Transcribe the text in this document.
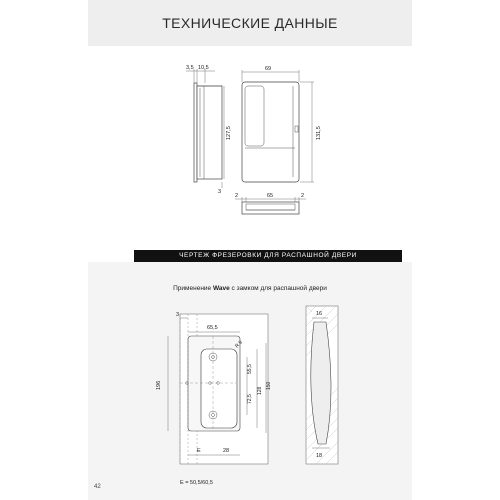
ТЕХНИЧЕСКИЕ ДАННЫЕ
ЧЕРТЕЖ ФРЕЗЕРОВКИ ДЛЯ РАСПАШНОЙ ДВЕРИ
Применение Wave с замком для распашной двери
3,5 10,5
127,5
3
69
131,5
2	65	2
3
65,5
R 8
196
55,5
72,5
128
150
E	28
E = 50,5/60,5
16
18
42
